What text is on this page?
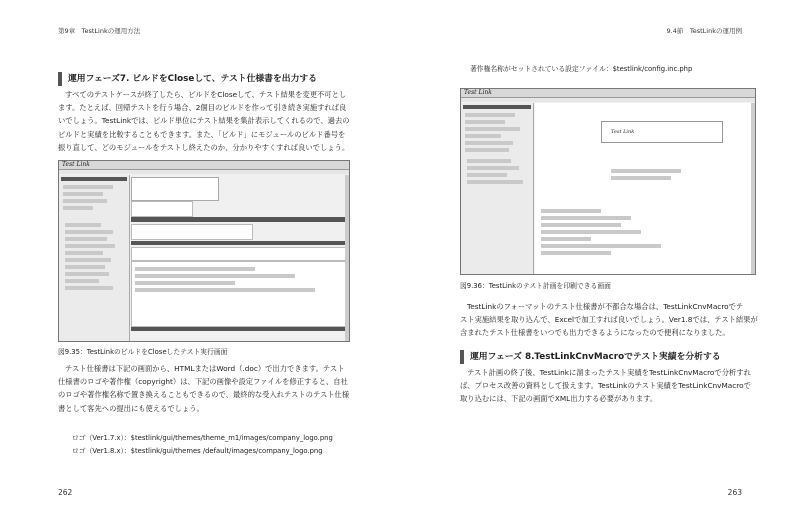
第9章　TestLinkの運用方法
運用フェーズ7. ビルドをCloseして、テスト仕様書を出力する
すべてのテストケースが終了したら、ビルドをCloseして、テスト結果を変更不可とし
ます。たとえば、回帰テストを行う場合、2個目のビルドを作って引き続き実施すれば良
いでしょう。TestLinkでは、ビルド単位にテスト結果を集計表示してくれるので、過去の
ビルドと実績を比較することもできます。また、「ビルド」にモジュールのビルド番号を
振り直して、どのモジュールをテストし終えたのか、分かりやすくすれば良いでしょう。
Test Link
図9.35：TestLinkのビルドをCloseしたテスト実行画面
テスト仕様書は下記の画面から、HTMLまたはWord（.doc）で出力できます。テスト
仕様書のロゴや著作権（copyright）は、下記の画像や設定ファイルを修正すると、自社
のロゴや著作権名称で置き換えることもできるので、最終的な受入れテストのテスト仕様
書として客先への提出にも使えるでしょう。
ロゴ（Ver1.7.x）：$testlink/gui/themes/theme_m1/images/company_logo.png
ロゴ（Ver1.8.x）：$testlink/gui/themes /default/images/company_logo.png
262
9.4節　TestLinkの運用例
著作権名称がセットされている設定ファイル：$testlink/config.inc.php
Test Link
Test Link
図9.36：TestLinkのテスト計画を印刷できる画面
TestLinkのフォーマットのテスト仕様書が不都合な場合は、TestLinkCnvMacroでテ
スト実施結果を取り込んで、Excelで加工すれば良いでしょう。Ver1.8では、テスト結果が
含まれたテスト仕様書をいつでも出力できるようになったので便利になりました。
運用フェーズ 8.TestLinkCnvMacroでテスト実績を分析する
テスト計画の終了後、TestLinkに溜まったテスト実績をTestLinkCnvMacroで分析すれ
ば、プロセス改善の資料として扱えます。TestLinkのテスト実績をTestLinkCnvMacroで
取り込むには、下記の画面でXML出力する必要があります。
263
